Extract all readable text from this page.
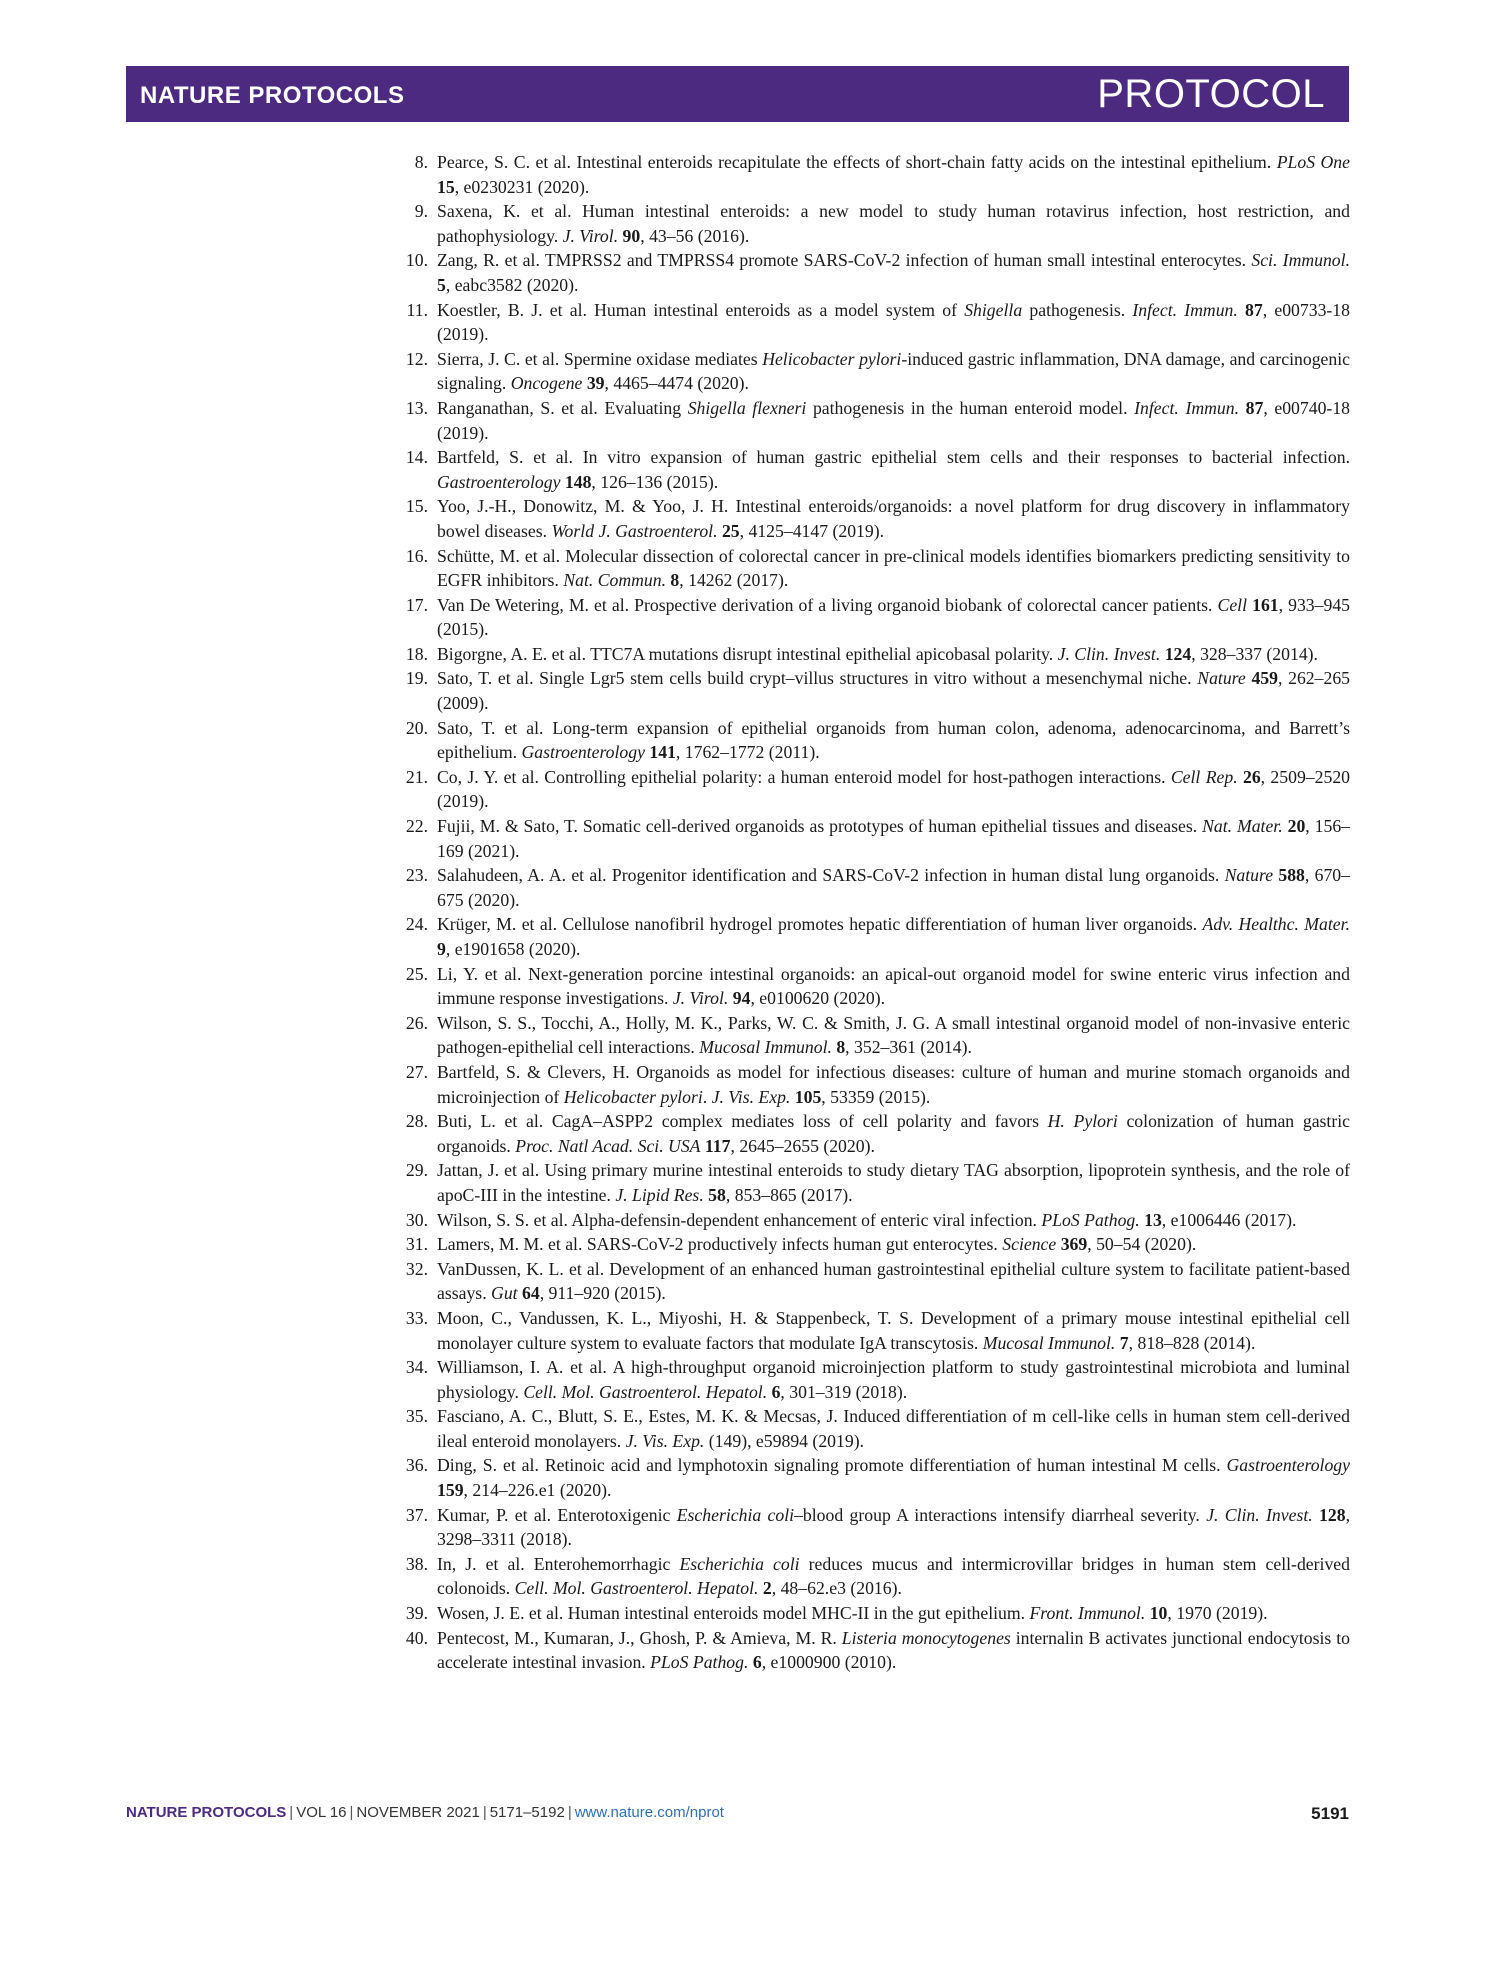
NATURE PROTOCOLS	PROTOCOL
8. Pearce, S. C. et al. Intestinal enteroids recapitulate the effects of short-chain fatty acids on the intestinal epithelium. PLoS One 15, e0230231 (2020).
9. Saxena, K. et al. Human intestinal enteroids: a new model to study human rotavirus infection, host restriction, and pathophysiology. J. Virol. 90, 43–56 (2016).
10. Zang, R. et al. TMPRSS2 and TMPRSS4 promote SARS-CoV-2 infection of human small intestinal enterocytes. Sci. Immunol. 5, eabc3582 (2020).
11. Koestler, B. J. et al. Human intestinal enteroids as a model system of Shigella pathogenesis. Infect. Immun. 87, e00733-18 (2019).
12. Sierra, J. C. et al. Spermine oxidase mediates Helicobacter pylori-induced gastric inflammation, DNA damage, and carcinogenic signaling. Oncogene 39, 4465–4474 (2020).
13. Ranganathan, S. et al. Evaluating Shigella flexneri pathogenesis in the human enteroid model. Infect. Immun. 87, e00740-18 (2019).
14. Bartfeld, S. et al. In vitro expansion of human gastric epithelial stem cells and their responses to bacterial infection. Gastroenterology 148, 126–136 (2015).
15. Yoo, J.-H., Donowitz, M. & Yoo, J. H. Intestinal enteroids/organoids: a novel platform for drug discovery in inflammatory bowel diseases. World J. Gastroenterol. 25, 4125–4147 (2019).
16. Schütte, M. et al. Molecular dissection of colorectal cancer in pre-clinical models identifies biomarkers predicting sensitivity to EGFR inhibitors. Nat. Commun. 8, 14262 (2017).
17. Van De Wetering, M. et al. Prospective derivation of a living organoid biobank of colorectal cancer patients. Cell 161, 933–945 (2015).
18. Bigorgne, A. E. et al. TTC7A mutations disrupt intestinal epithelial apicobasal polarity. J. Clin. Invest. 124, 328–337 (2014).
19. Sato, T. et al. Single Lgr5 stem cells build crypt–villus structures in vitro without a mesenchymal niche. Nature 459, 262–265 (2009).
20. Sato, T. et al. Long-term expansion of epithelial organoids from human colon, adenoma, adenocarcinoma, and Barrett’s epithelium. Gastroenterology 141, 1762–1772 (2011).
21. Co, J. Y. et al. Controlling epithelial polarity: a human enteroid model for host-pathogen interactions. Cell Rep. 26, 2509–2520 (2019).
22. Fujii, M. & Sato, T. Somatic cell-derived organoids as prototypes of human epithelial tissues and diseases. Nat. Mater. 20, 156–169 (2021).
23. Salahudeen, A. A. et al. Progenitor identification and SARS-CoV-2 infection in human distal lung organoids. Nature 588, 670–675 (2020).
24. Krüger, M. et al. Cellulose nanofibril hydrogel promotes hepatic differentiation of human liver organoids. Adv. Healthc. Mater. 9, e1901658 (2020).
25. Li, Y. et al. Next-generation porcine intestinal organoids: an apical-out organoid model for swine enteric virus infection and immune response investigations. J. Virol. 94, e0100620 (2020).
26. Wilson, S. S., Tocchi, A., Holly, M. K., Parks, W. C. & Smith, J. G. A small intestinal organoid model of non-invasive enteric pathogen-epithelial cell interactions. Mucosal Immunol. 8, 352–361 (2014).
27. Bartfeld, S. & Clevers, H. Organoids as model for infectious diseases: culture of human and murine stomach organoids and microinjection of Helicobacter pylori. J. Vis. Exp. 105, 53359 (2015).
28. Buti, L. et al. CagA–ASPP2 complex mediates loss of cell polarity and favors H. Pylori colonization of human gastric organoids. Proc. Natl Acad. Sci. USA 117, 2645–2655 (2020).
29. Jattan, J. et al. Using primary murine intestinal enteroids to study dietary TAG absorption, lipoprotein synthesis, and the role of apoC-III in the intestine. J. Lipid Res. 58, 853–865 (2017).
30. Wilson, S. S. et al. Alpha-defensin-dependent enhancement of enteric viral infection. PLoS Pathog. 13, e1006446 (2017).
31. Lamers, M. M. et al. SARS-CoV-2 productively infects human gut enterocytes. Science 369, 50–54 (2020).
32. VanDussen, K. L. et al. Development of an enhanced human gastrointestinal epithelial culture system to facilitate patient-based assays. Gut 64, 911–920 (2015).
33. Moon, C., Vandussen, K. L., Miyoshi, H. & Stappenbeck, T. S. Development of a primary mouse intestinal epithelial cell monolayer culture system to evaluate factors that modulate IgA transcytosis. Mucosal Immunol. 7, 818–828 (2014).
34. Williamson, I. A. et al. A high-throughput organoid microinjection platform to study gastrointestinal microbiota and luminal physiology. Cell. Mol. Gastroenterol. Hepatol. 6, 301–319 (2018).
35. Fasciano, A. C., Blutt, S. E., Estes, M. K. & Mecsas, J. Induced differentiation of m cell-like cells in human stem cell-derived ileal enteroid monolayers. J. Vis. Exp. (149), e59894 (2019).
36. Ding, S. et al. Retinoic acid and lymphotoxin signaling promote differentiation of human intestinal M cells. Gastroenterology 159, 214–226.e1 (2020).
37. Kumar, P. et al. Enterotoxigenic Escherichia coli–blood group A interactions intensify diarrheal severity. J. Clin. Invest. 128, 3298–3311 (2018).
38. In, J. et al. Enterohemorrhagic Escherichia coli reduces mucus and intermicrovillar bridges in human stem cell-derived colonoids. Cell. Mol. Gastroenterol. Hepatol. 2, 48–62.e3 (2016).
39. Wosen, J. E. et al. Human intestinal enteroids model MHC-II in the gut epithelium. Front. Immunol. 10, 1970 (2019).
40. Pentecost, M., Kumaran, J., Ghosh, P. & Amieva, M. R. Listeria monocytogenes internalin B activates junctional endocytosis to accelerate intestinal invasion. PLoS Pathog. 6, e1000900 (2010).
NATURE PROTOCOLS | VOL 16 | NOVEMBER 2021 | 5171–5192 | www.nature.com/nprot	5191
